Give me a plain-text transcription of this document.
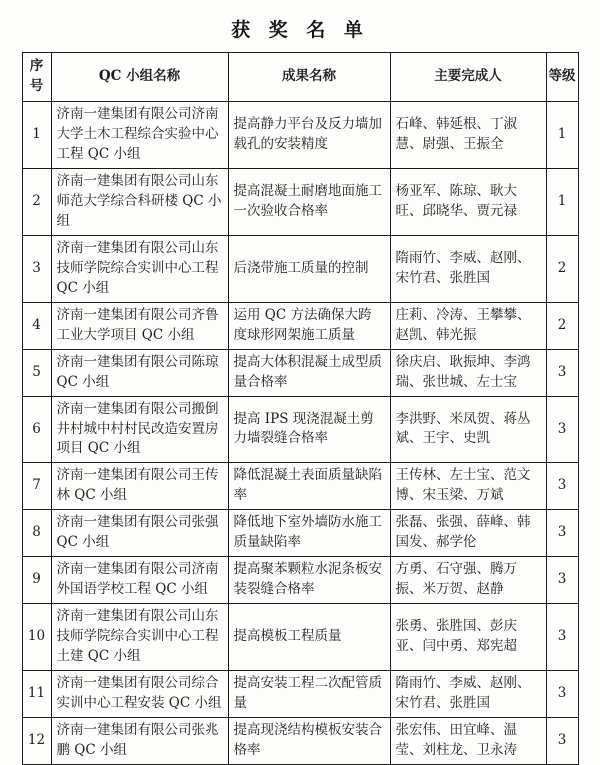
获 奖 名 单
序号	QC 小组名称	成果名称	主要完成人	等级
1	济南一建集团有限公司济南大学土木工程综合实验中心工程 QC 小组	提高静力平台及反力墙加载孔的安装精度	石峰、韩延根、丁淑慧、尉强、王振全	1
2	济南一建集团有限公司山东师范大学综合科研楼 QC 小组	提高混凝土耐磨地面施工一次验收合格率	杨亚军、陈琼、耿大旺、邱晓华、贾元禄	1
3	济南一建集团有限公司山东技师学院综合实训中心工程 QC 小组	后浇带施工质量的控制	隋雨竹、李威、赵刚、宋竹君、张胜国	2
4	济南一建集团有限公司齐鲁工业大学项目 QC 小组	运用 QC 方法确保大跨度球形网架施工质量	庄莉、冷涛、王攀攀、赵凯、韩光振	2
5	济南一建集团有限公司陈琼 QC 小组	提高大体积混凝土成型质量合格率	徐庆启、耿振坤、李鸿瑞、张世城、左士宝	3
6	济南一建集团有限公司搬倒井村城中村村民改造安置房项目 QC 小组	提高 IPS 现浇混凝土剪力墙裂缝合格率	李洪野、米凤贺、蒋丛斌、王宇、史凯	3
7	济南一建集团有限公司王传林 QC 小组	降低混凝土表面质量缺陷率	王传林、左士宝、范文博、宋玉梁、万斌	3
8	济南一建集团有限公司张强 QC 小组	降低地下室外墙防水施工质量缺陷率	张磊、张强、薛峰、韩国发、郝学伦	3
9	济南一建集团有限公司济南外国语学校工程 QC 小组	提高聚苯颗粒水泥条板安装裂缝合格率	方勇、石守强、腾万振、米万贺、赵静	3
10	济南一建集团有限公司山东技师学院综合实训中心工程土建 QC 小组	提高模板工程质量	张勇、张胜国、彭庆亚、闫中勇、郑宪超	3
11	济南一建集团有限公司综合实训中心工程安装 QC 小组	提高安装工程二次配管质量	隋雨竹、李威、赵刚、宋竹君、张胜国	3
12	济南一建集团有限公司张兆鹏 QC 小组	提高现浇结构模板安装合格率	张宏伟、田宜峰、温莹、刘柱龙、卫永涛	3
